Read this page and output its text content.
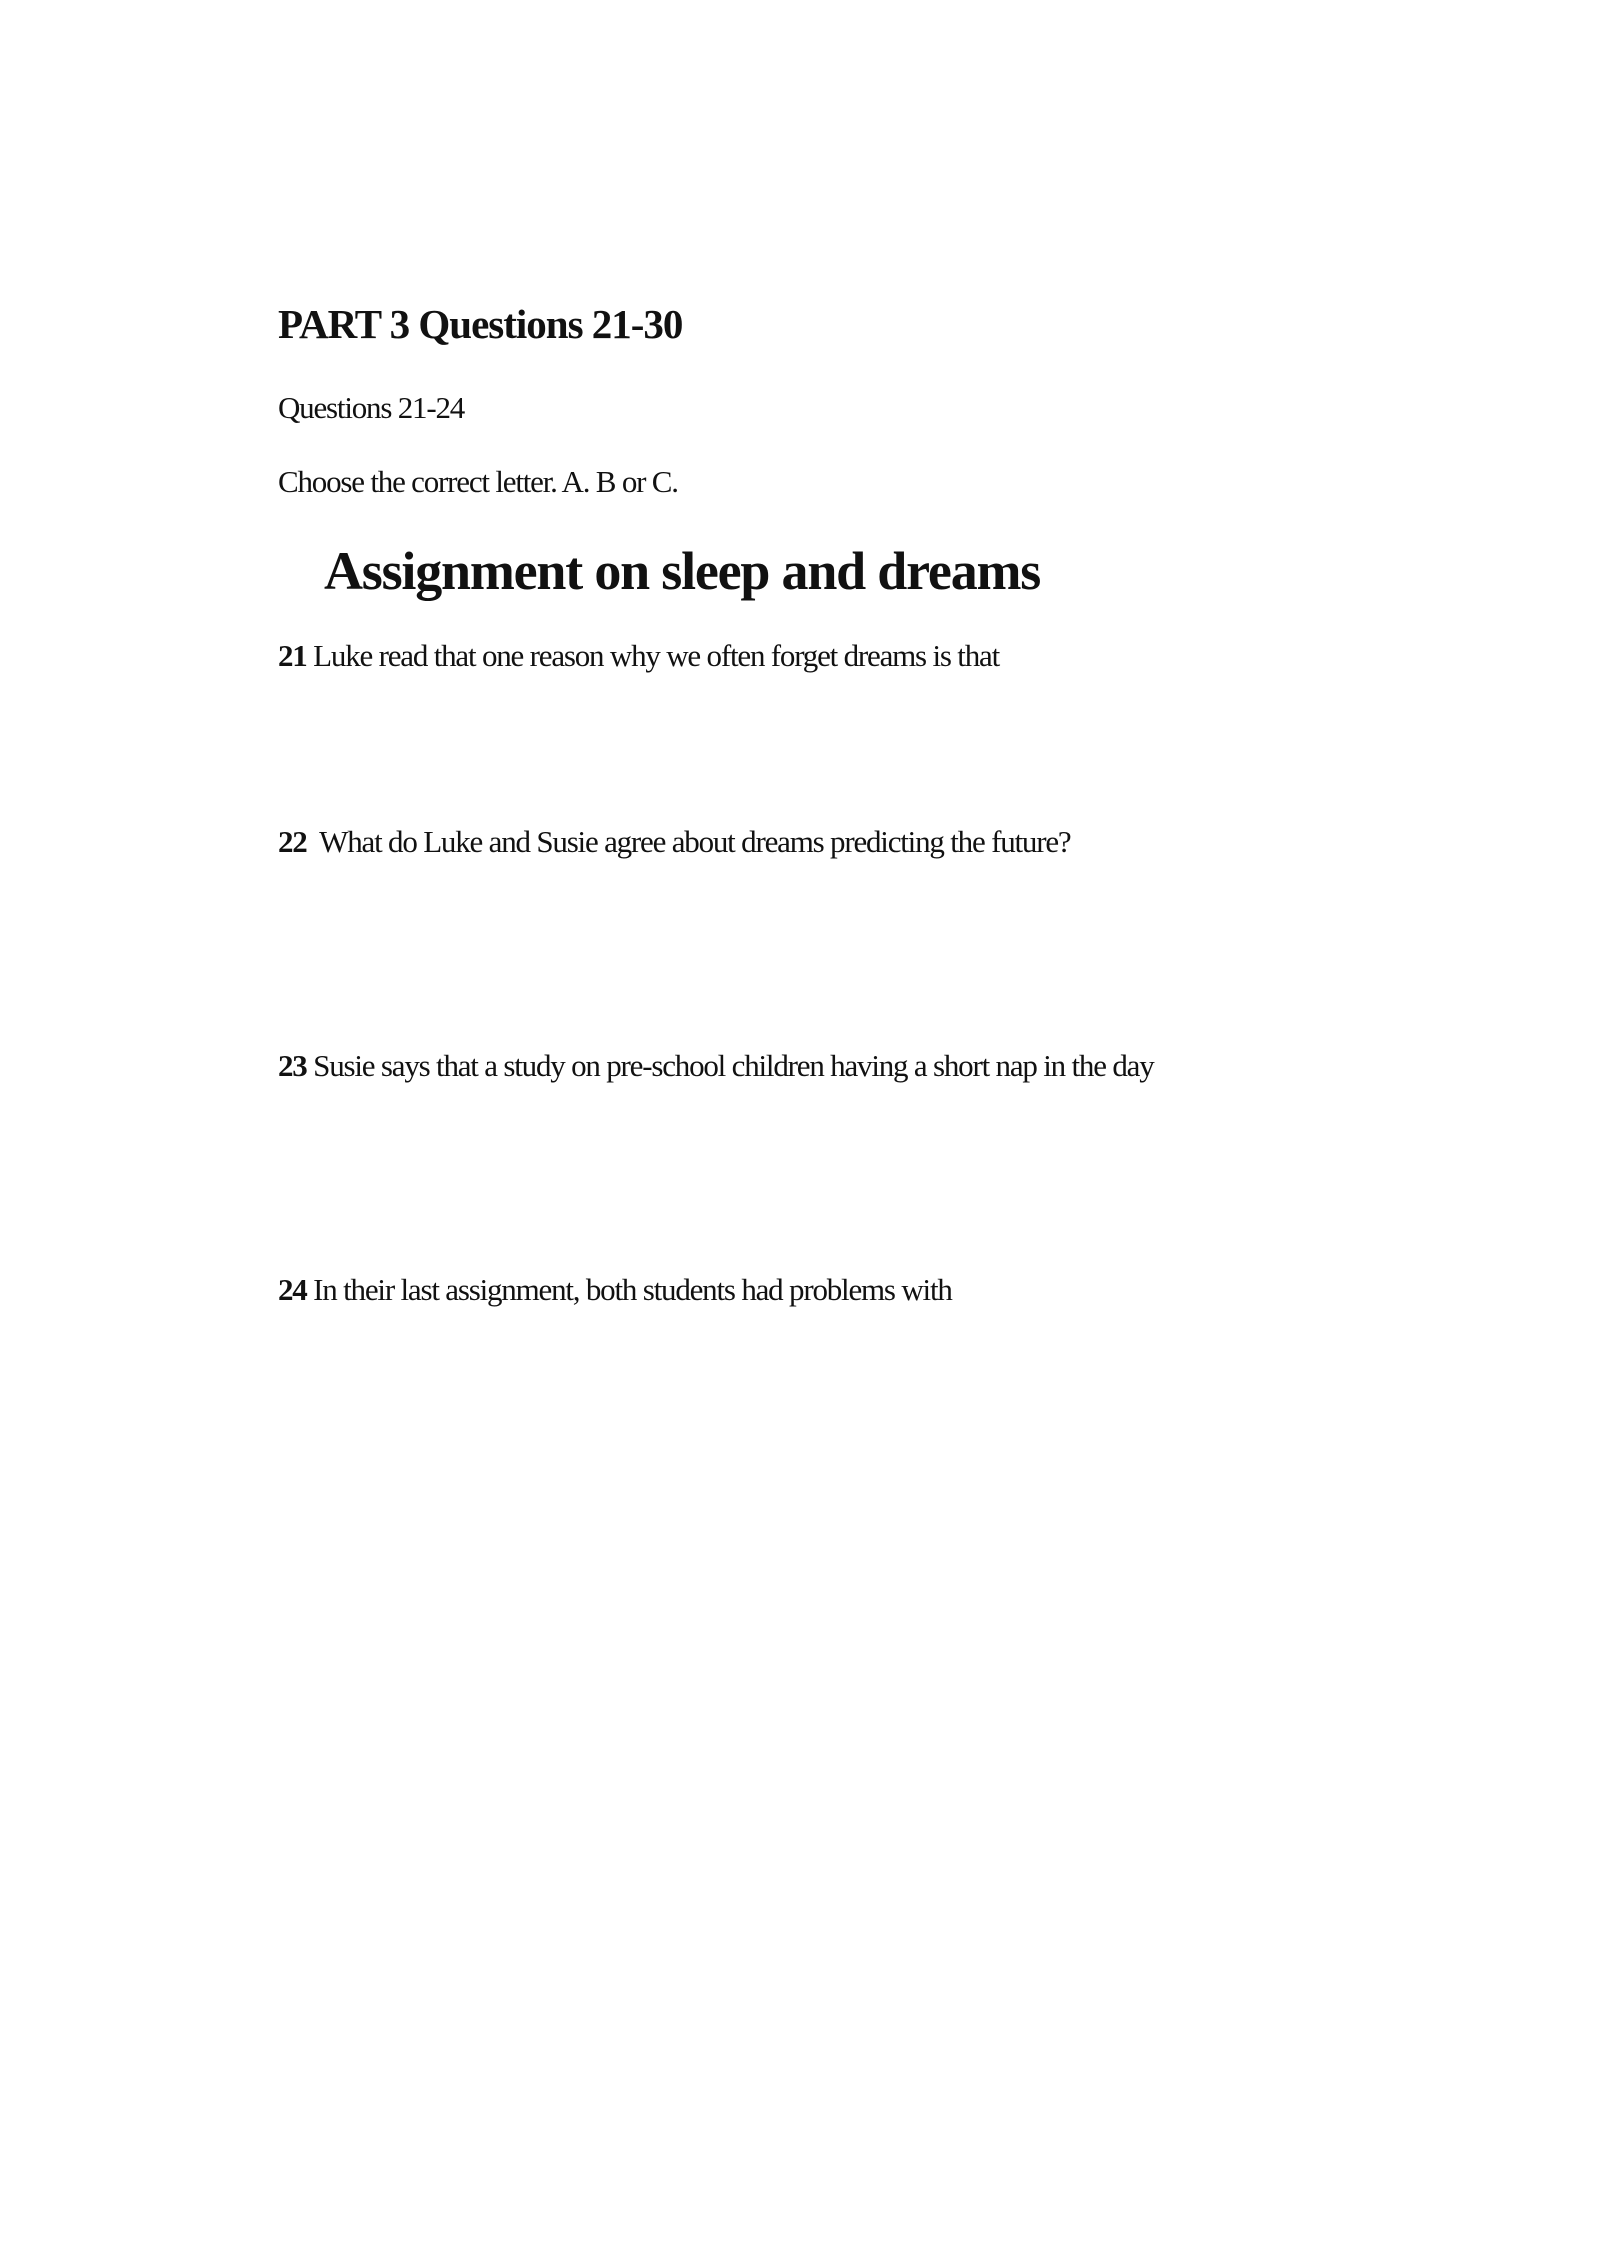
PART 3 Questions 21-30

Questions 21-24

Choose the correct letter. A. B or C.

Assignment on sleep and dreams

21 Luke read that one reason why we often forget dreams is that

22  What do Luke and Susie agree about dreams predicting the future?

23 Susie says that a study on pre-school children having a short nap in the day

24 In their last assignment, both students had problems with
